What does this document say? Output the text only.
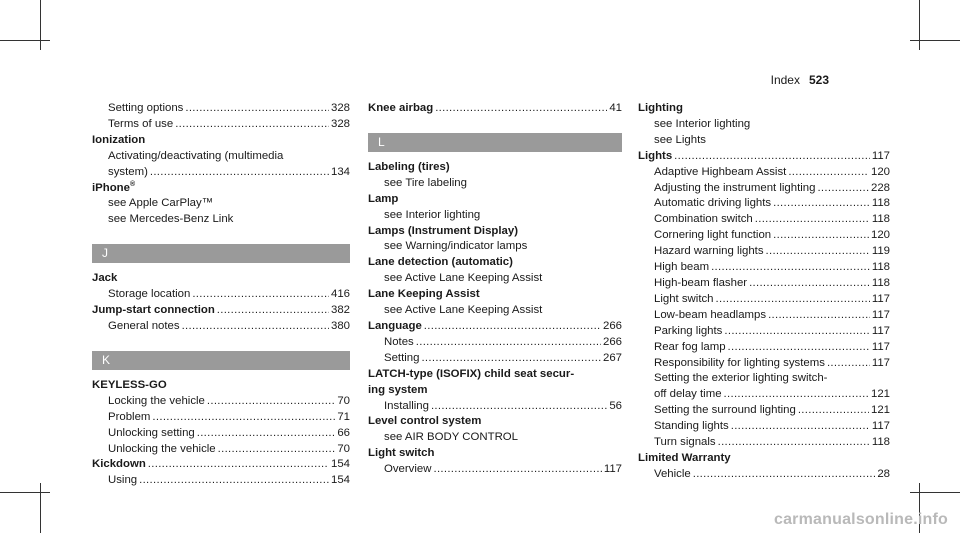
Index 523
Setting options .....	328
Terms of use .....	328
Ionization
Activating/deactivating (multimedia
system) .....	134
iPhone®
see Apple CarPlay™
see Mercedes-Benz Link
J
Jack
Storage location .....	416
Jump-start connection .....	382
General notes .....	380
K
KEYLESS-GO
Locking the vehicle .....	70
Problem .....	71
Unlocking setting .....	66
Unlocking the vehicle .....	70
Kickdown .....	154
Using .....	154
Knee airbag .....	41
L
Labeling (tires)
see Tire labeling
Lamp
see Interior lighting
Lamps (Instrument Display)
see Warning/indicator lamps
Lane detection (automatic)
see Active Lane Keeping Assist
Lane Keeping Assist
see Active Lane Keeping Assist
Language .....	266
Notes .....	266
Setting .....	267
LATCH-type (ISOFIX) child seat secur-
ing system
Installing .....	56
Level control system
see AIR BODY CONTROL
Light switch
Overview .....	117
Lighting
see Interior lighting
see Lights
Lights .....	117
Adaptive Highbeam Assist .....	120
Adjusting the instrument lighting .....	228
Automatic driving lights .....	118
Combination switch .....	118
Cornering light function .....	120
Hazard warning lights .....	119
High beam .....	118
High-beam flasher .....	118
Light switch .....	117
Low-beam headlamps .....	117
Parking lights .....	117
Rear fog lamp .....	117
Responsibility for lighting systems .....	117
Setting the exterior lighting switch-
off delay time .....	121
Setting the surround lighting .....	121
Standing lights .....	117
Turn signals .....	118
Limited Warranty
Vehicle .....	28
carmanualsonline.info
